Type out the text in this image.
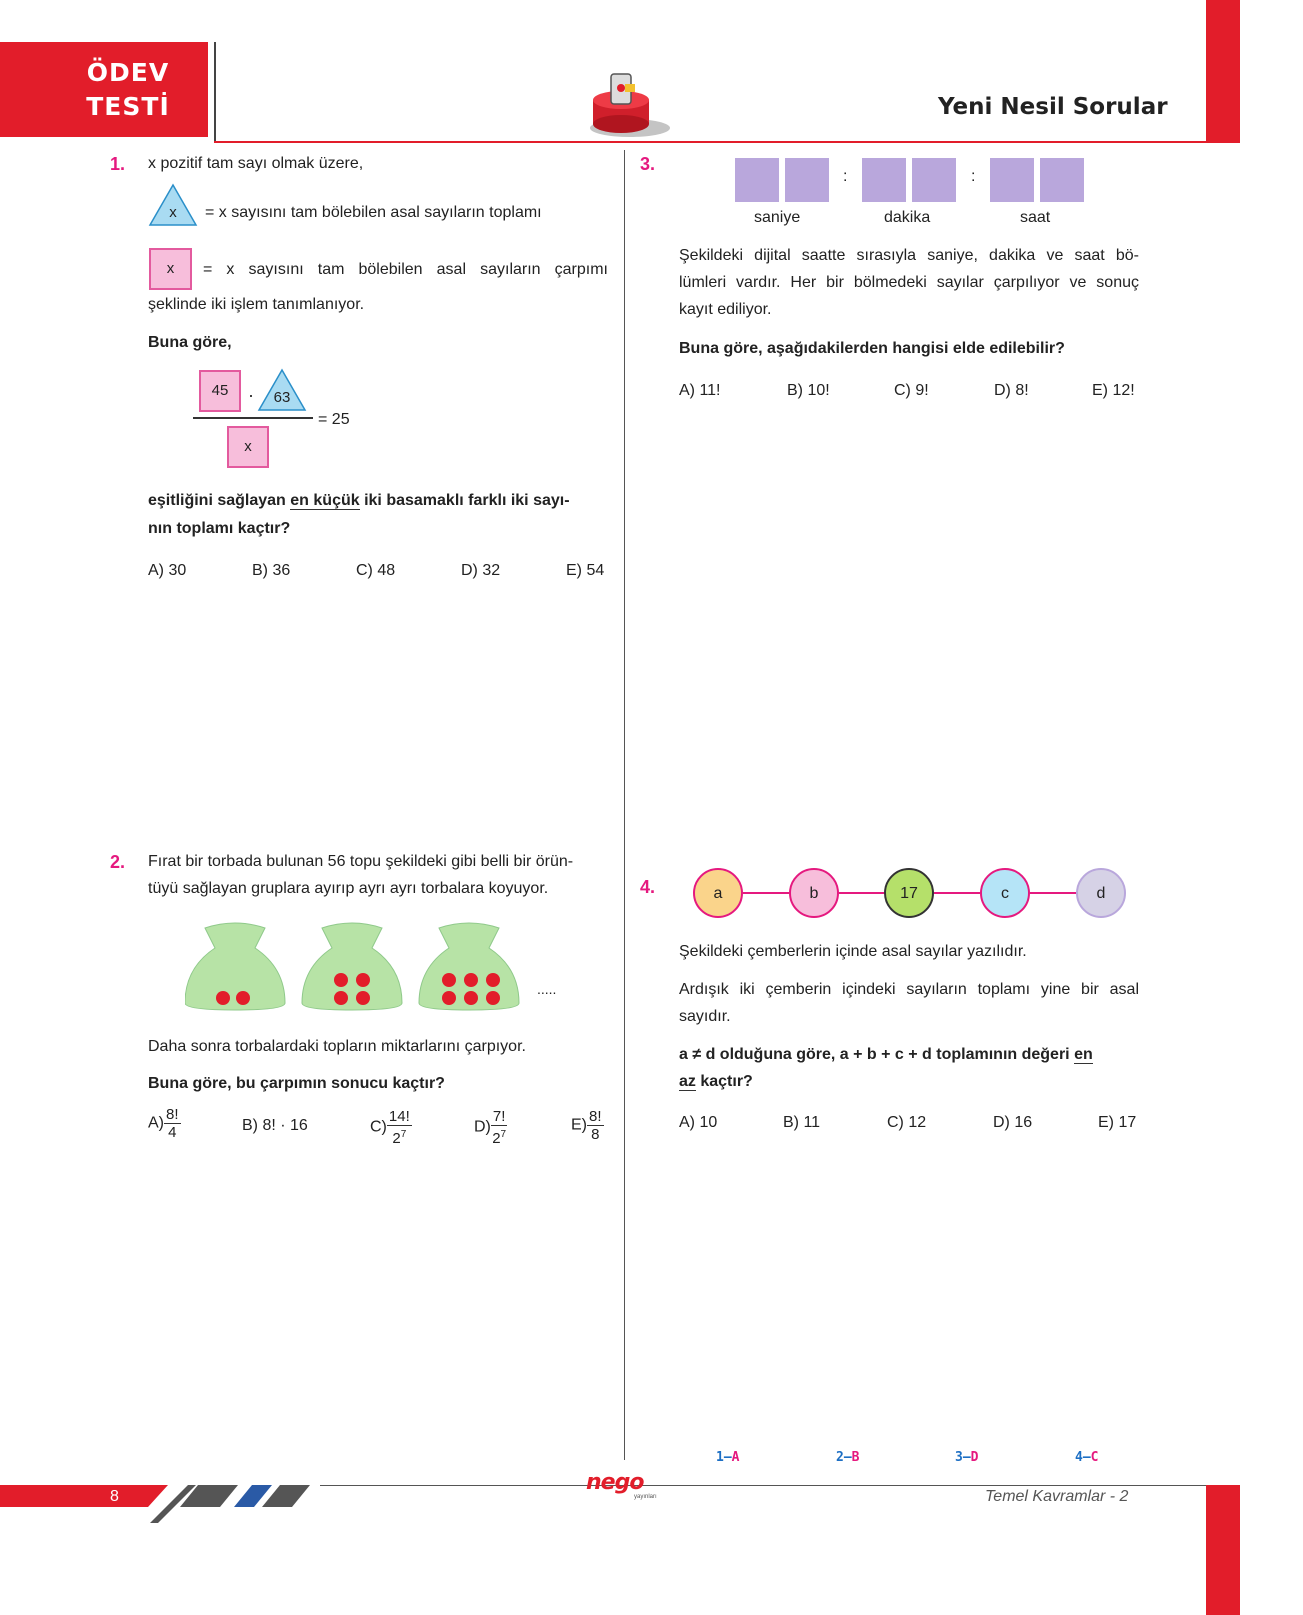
ÖDEV
TESTİ	Yeni Nesil Sorular
1. x pozitif tam sayı olmak üzere,
x	= x sayısını tam bölebilen asal sayıların toplamı
x	= x sayısını tam bölebilen asal sayıların çarpımı
şeklinde iki işlem tanımlanıyor.
Buna göre,
45	·	63
x
= 25
eşitliğini sağlayan en küçük iki basamaklı farklı iki sayı-
nın toplamı kaçtır?
A) 30	B) 36	C) 48	D) 32	E) 54
2. Fırat bir torbada bulunan 56 topu şekildeki gibi belli bir örün-
tüyü sağlayan gruplara ayırıp ayrı ayrı torbalara koyuyor.
.....
Daha sonra torbalardaki topların miktarlarını çarpıyor.
Buna göre, bu çarpımın sonucu kaçtır?
$A) \frac{8!}{4}$	B) 8! · 16	$C) \frac{14!}{2^7}$	$D) \frac{7!}{2^7}$	$E) \frac{8!}{8}$
3.
:	:
saniye	dakika	saat
Şekildeki dijital saatte sırasıyla saniye, dakika ve saat bö-
lümleri vardır. Her bir bölmedeki sayılar çarpılıyor ve sonuç
kayıt ediliyor.
Buna göre, aşağıdakilerden hangisi elde edilebilir?
A) 11!	B) 10!	C) 9!	D) 8!	E) 12!
4.	a	b	17	c	d
Şekildeki çemberlerin içinde asal sayılar yazılıdır.
Ardışık iki çemberin içindeki sayıların toplamı yine bir asal
sayıdır.
a ≠ d olduğuna göre, a + b + c + d toplamının değeri en
az kaçtır?
A) 10	B) 11	C) 12	D) 16	E) 17
1–A	2–B	3–D	4–C
8
nego
yayınları	Temel Kavramlar - 2
